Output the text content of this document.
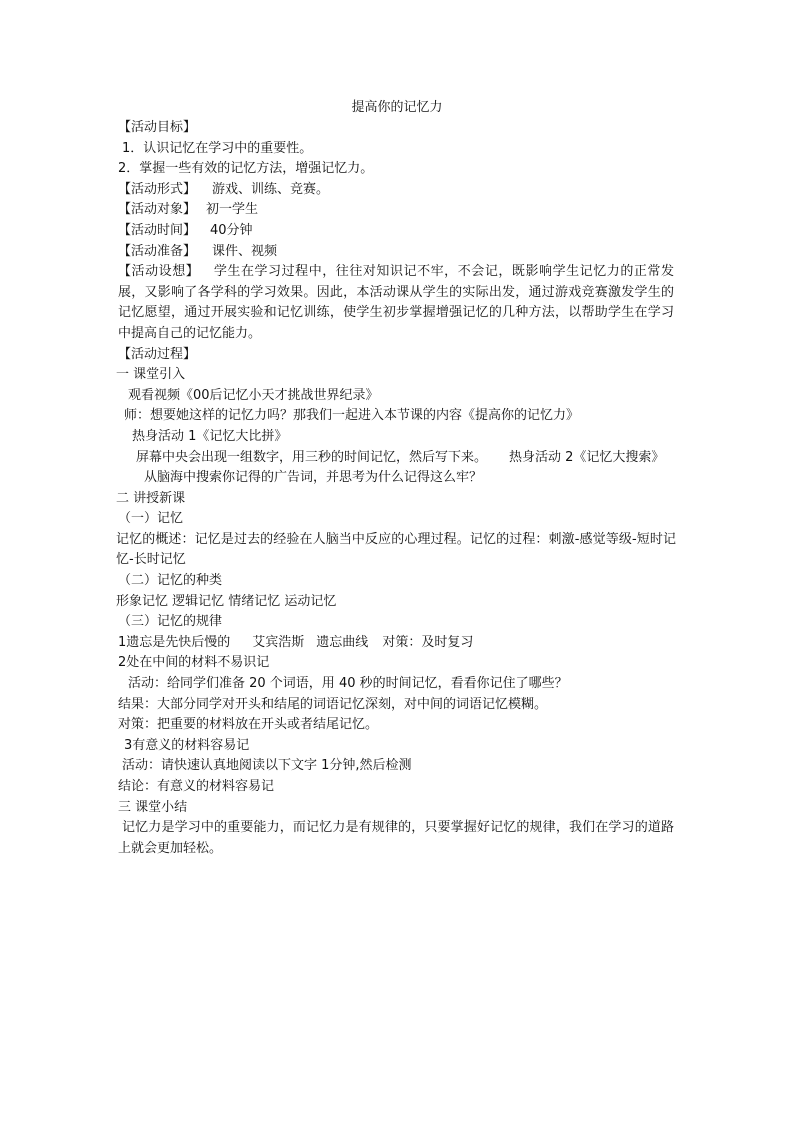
提高你的记忆力
【活动目标】
1．认识记忆在学习中的重要性。
2．掌握一些有效的记忆方法，增强记忆力。
【活动形式】 游戏、训练、竞赛。
【活动对象】 初一学生
【活动时间】 40分钟
【活动准备】 课件、视频
【活动设想】 学生在学习过程中，往往对知识记不牢，不会记，既影响学生记忆力的正常发展，又影响了各学科的学习效果。因此，本活动课从学生的实际出发，通过游戏竞赛激发学生的记忆愿望，通过开展实验和记忆训练，使学生初步掌握增强记忆的几种方法，以帮助学生在学习中提高自己的记忆能力。
【活动过程】
一 课堂引入
观看视频《00后记忆小天才挑战世界纪录》
师：想要她这样的记忆力吗？那我们一起进入本节课的内容《提高你的记忆力》
热身活动 1《记忆大比拼》
屏幕中央会出现一组数字，用三秒的时间记忆，然后写下来。 热身活动 2《记忆大搜索》
从脑海中搜索你记得的广告词，并思考为什么记得这么牢？
二 讲授新课
（一）记忆
记忆的概述：记忆是过去的经验在人脑当中反应的心理过程。记忆的过程：刺激-感觉等级-短时记忆-长时记忆
（二）记忆的种类
形象记忆 逻辑记忆 情绪记忆 运动记忆
（三）记忆的规律
1遗忘是先快后慢的 艾宾浩斯 遗忘曲线 对策：及时复习
2处在中间的材料不易识记
活动：给同学们准备 20 个词语，用 40 秒的时间记忆，看看你记住了哪些？
结果：大部分同学对开头和结尾的词语记忆深刻，对中间的词语记忆模糊。
对策：把重要的材料放在开头或者结尾记忆。
3有意义的材料容易记
活动：请快速认真地阅读以下文字 1分钟,然后检测
结论：有意义的材料容易记
三 课堂小结
记忆力是学习中的重要能力，而记忆力是有规律的，只要掌握好记忆的规律，我们在学习的道路上就会更加轻松。
